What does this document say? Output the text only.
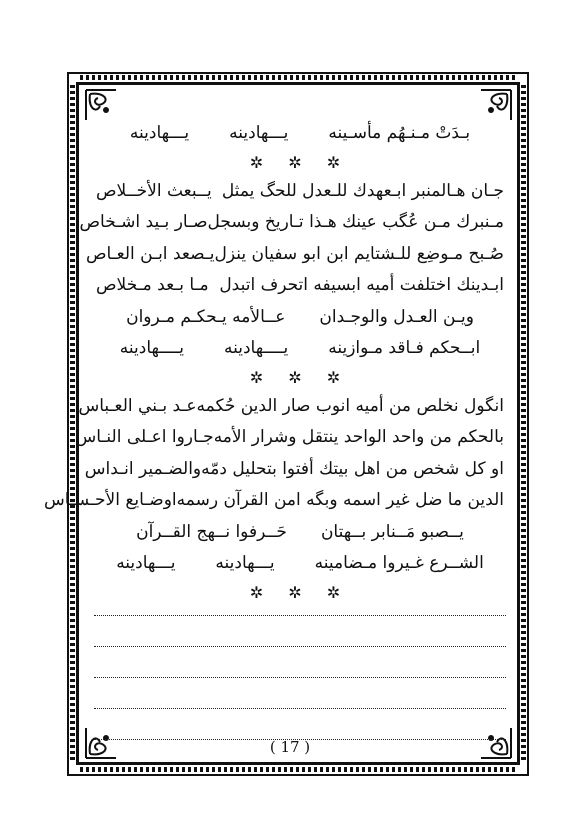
بـدَتْ مـنـهُم مأسـينه
يـــهادينه
يـــهادينه
✲ ✲ ✲
جـان هـالمنبر ابـعهدك للـعدل للحگ يمثل
يــبعث الأخــلاص
مـنبرك مـن عُگب عينك هـذا تـاريخ وبسجل
صـار بـيد اشـخاص
صُـبح مـوضِع للـشتايم ابن ابو سفيان ينزل
يـصعد ابـن العـاص
ابـدينك اختلفت أميه ابسيفه اتحرف اتبدل
مـا بـعد مـخلاص
ويـن العـدل والوجـدان
عــالأمه يـحكـم مـروان
ابــحكم فـاقد مـوازينه
يــــهادينه
يــــهادينه
✲ ✲ ✲
انگول نخلص من أميه انوب صار الدين حُكمه
عـد بـني العـباس
بالحكم من واحد الواحد ينتقل وشرار الأمه
جـاروا اعـلى النـاس
او كل شخص من اهل بيتك أفتوا بتحليل دمّه
والضـمير انـداس
الدين ما ضل غير اسمه وبگه امن القرآن رسمه
اوضـايع الأحـسـاس
يــصبو مَــنابر بــهتان
حَــرفوا نــهج القــرآن
الشــرع غـيروا مـضامينه
يـــهادينه
يـــهادينه
✲ ✲ ✲
( 17 )
